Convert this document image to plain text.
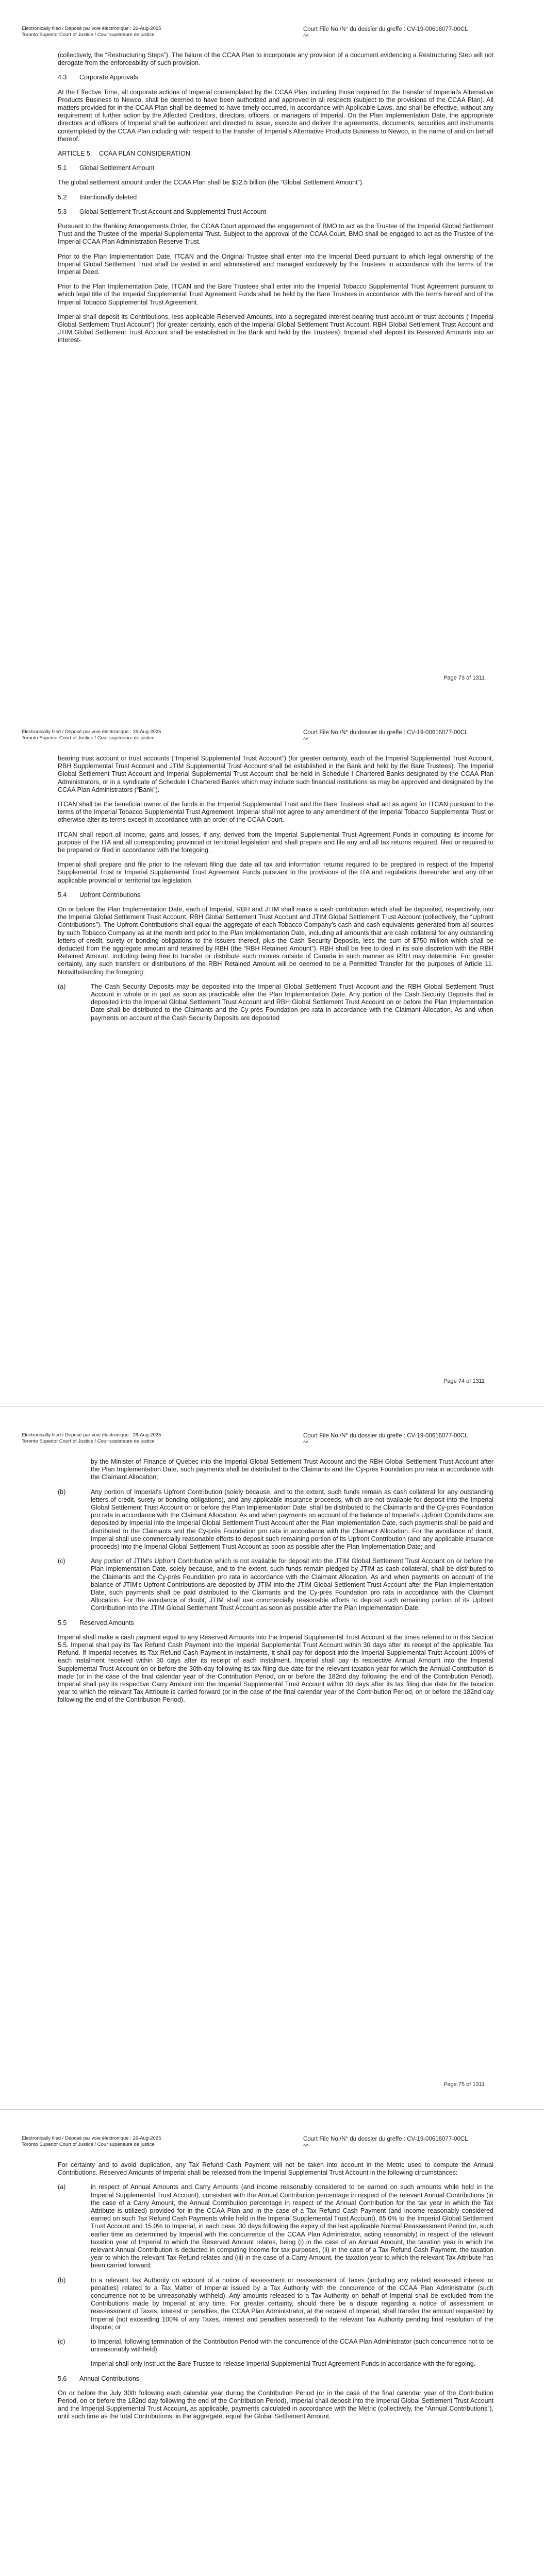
Electronically filed / Déposé par voie électronique : 26-Aug-2025
Toronto Superior Court of Justice / Cour supérieure de justice
Court File No./N° du dossier du greffe : CV-19-00616077-00CL
^^

(collectively, the “Restructuring Steps”). The failure of the CCAA Plan to incorporate any provision of a document evidencing a Restructuring Step will not derogate from the enforceability of such provision.

4.3 Corporate Approvals

At the Effective Time, all corporate actions of Imperial contemplated by the CCAA Plan, including those required for the transfer of Imperial’s Alternative Products Business to Newco, shall be deemed to have been authorized and approved in all respects (subject to the provisions of the CCAA Plan). All matters provided for in the CCAA Plan shall be deemed to have timely occurred, in accordance with Applicable Laws, and shall be effective, without any requirement of further action by the Affected Creditors, directors, officers, or managers of Imperial. On the Plan Implementation Date, the appropriate directors and officers of Imperial shall be authorized and directed to issue, execute and deliver the agreements, documents, securities and instruments contemplated by the CCAA Plan including with respect to the transfer of Imperial’s Alternative Products Business to Newco, in the name of and on behalf thereof.

ARTICLE 5. CCAA PLAN CONSIDERATION
5.1 Global Settlement Amount

The global settlement amount under the CCAA Plan shall be $32.5 billion (the “Global Settlement Amount”).

5.2 Intentionally deleted
5.3 Global Settlement Trust Account and Supplemental Trust Account

Pursuant to the Banking Arrangements Order, the CCAA Court approved the engagement of BMO to act as the Trustee of the Imperial Global Settlement Trust and the Trustee of the Imperial Supplemental Trust. Subject to the approval of the CCAA Court, BMO shall be engaged to act as the Trustee of the Imperial CCAA Plan Administration Reserve Trust.

Prior to the Plan Implementation Date, ITCAN and the Original Trustee shall enter into the Imperial Deed pursuant to which legal ownership of the Imperial Global Settlement Trust shall be vested in and administered and managed exclusively by the Trustees in accordance with the terms of the Imperial Deed.

Prior to the Plan Implementation Date, ITCAN and the Bare Trustees shall enter into the Imperial Tobacco Supplemental Trust Agreement pursuant to which legal title of the Imperial Supplemental Trust Agreement Funds shall be held by the Bare Trustees in accordance with the terms hereof and of the Imperial Tobacco Supplemental Trust Agreement.

Imperial shall deposit its Contributions, less applicable Reserved Amounts, into a segregated interest-bearing trust account or trust accounts (“Imperial Global Settlement Trust Account”) (for greater certainty, each of the Imperial Global Settlement Trust Account, RBH Global Settlement Trust Account and JTIM Global Settlement Trust Account shall be established in the Bank and held by the Trustees). Imperial shall deposit its Reserved Amounts into an interest-

Page 73 of 1311
Electronically filed / Déposé par voie électronique : 26-Aug-2025
Toronto Superior Court of Justice / Cour supérieure de justice
Court File No./N° du dossier du greffe : CV-19-00616077-00CL
^^

bearing trust account or trust accounts (“Imperial Supplemental Trust Account”) (for greater certainty, each of the Imperial Supplemental Trust Account, RBH Supplemental Trust Account and JTIM Supplemental Trust Account shall be established in the Bank and held by the Bare Trustees). The Imperial Global Settlement Trust Account and Imperial Supplemental Trust Account shall be held in Schedule I Chartered Banks designated by the CCAA Plan Administrators, or in a syndicate of Schedule I Chartered Banks which may include such financial institutions as may be approved and designated by the CCAA Plan Administrators (“Bank”).

ITCAN shall be the beneficial owner of the funds in the Imperial Supplemental Trust and the Bare Trustees shall act as agent for ITCAN pursuant to the terms of the Imperial Tobacco Supplemental Trust Agreement. Imperial shall not agree to any amendment of the Imperial Tobacco Supplemental Trust or otherwise alter its terms except in accordance with an order of the CCAA Court.

ITCAN shall report all income, gains and losses, if any, derived from the Imperial Supplemental Trust Agreement Funds in computing its income for purpose of the ITA and all corresponding provincial or territorial legislation and shall prepare and file any and all tax returns required, filed or required to be prepared or filed in accordance with the foregoing.

Imperial shall prepare and file prior to the relevant filing due date all tax and information returns required to be prepared in respect of the Imperial Supplemental Trust or Imperial Supplemental Trust Agreement Funds pursuant to the provisions of the ITA and regulations thereunder and any other applicable provincial or territorial tax legislation.

5.4 Upfront Contributions

On or before the Plan Implementation Date, each of Imperial, RBH and JTIM shall make a cash contribution which shall be deposited, respectively, into the Imperial Global Settlement Trust Account, RBH Global Settlement Trust Account and JTIM Global Settlement Trust Account (collectively, the “Upfront Contributions”). The Upfront Contributions shall equal the aggregate of each Tobacco Company’s cash and cash equivalents generated from all sources by such Tobacco Company as at the month end prior to the Plan Implementation Date, including all amounts that are cash collateral for any outstanding letters of credit, surety or bonding obligations to the issuers thereof, plus the Cash Security Deposits, less the sum of $750 million which shall be deducted from the aggregate amount and retained by RBH (the “RBH Retained Amount”). RBH shall be free to deal in its sole discretion with the RBH Retained Amount, including being free to transfer or distribute such monies outside of Canada in such manner as RBH may determine. For greater certainty, any such transfers or distributions of the RBH Retained Amount will be deemed to be a Permitted Transfer for the purposes of Article 11. Notwithstanding the foregoing:

(a)	The Cash Security Deposits may be deposited into the Imperial Global Settlement Trust Account and the RBH Global Settlement Trust Account in whole or in part as soon as practicable after the Plan Implementation Date. Any portion of the Cash Security Deposits that is deposited into the Imperial Global Settlement Trust Account and RBH Global Settlement Trust Account on or before the Plan Implementation Date shall be distributed to the Claimants and the Cy-près Foundation pro rata in accordance with the Claimant Allocation. As and when payments on account of the Cash Security Deposits are deposited
Page 74 of 1311
Electronically filed / Déposé par voie électronique : 26-Aug-2025
Toronto Superior Court of Justice / Cour supérieure de justice
Court File No./N° du dossier du greffe : CV-19-00616077-00CL
^^

by the Minister of Finance of Quebec into the Imperial Global Settlement Trust Account and the RBH Global Settlement Trust Account after the Plan Implementation Date, such payments shall be distributed to the Claimants and the Cy-près Foundation pro rata in accordance with the Claimant Allocation;

(b)	Any portion of Imperial’s Upfront Contribution (solely because, and to the extent, such funds remain as cash collateral for any outstanding letters of credit, surety or bonding obligations), and any applicable insurance proceeds, which are not available for deposit into the Imperial Global Settlement Trust Account on or before the Plan Implementation Date, shall be distributed to the Claimants and the Cy-près Foundation pro rata in accordance with the Claimant Allocation. As and when payments on account of the balance of Imperial’s Upfront Contributions are deposited by Imperial into the Imperial Global Settlement Trust Account after the Plan Implementation Date, such payments shall be paid and distributed to the Claimants and the Cy-près Foundation pro rata in accordance with the Claimant Allocation. For the avoidance of doubt, Imperial shall use commercially reasonable efforts to deposit such remaining portion of its Upfront Contribution (and any applicable insurance proceeds) into the Imperial Global Settlement Trust Account as soon as possible after the Plan Implementation Date; and
(c)	Any portion of JTIM’s Upfront Contribution which is not available for deposit into the JTIM Global Settlement Trust Account on or before the Plan Implementation Date, solely because, and to the extent, such funds remain pledged by JTIM as cash collateral, shall be distributed to the Claimants and the Cy-près Foundation pro rata in accordance with the Claimant Allocation. As and when payments on account of the balance of JTIM’s Upfront Contributions are deposited by JTIM into the JTIM Global Settlement Trust Account after the Plan Implementation Date, such payments shall be paid distributed to the Claimants and the Cy-près Foundation pro rata in accordance with the Claimant Allocation. For the avoidance of doubt, JTIM shall use commercially reasonable efforts to deposit such remaining portion of its Upfront Contribution into the JTIM Global Settlement Trust Account as soon as possible after the Plan Implementation Date.
5.5 Reserved Amounts

Imperial shall make a cash payment equal to any Reserved Amounts into the Imperial Supplemental Trust Account at the times referred to in this Section 5.5. Imperial shall pay its Tax Refund Cash Payment into the Imperial Supplemental Trust Account within 30 days after its receipt of the applicable Tax Refund. If Imperial receives its Tax Refund Cash Payment in instalments, it shall pay for deposit into the Imperial Supplemental Trust Account 100% of each instalment received within 30 days after its receipt of each instalment. Imperial shall pay its respective Annual Amount into the Imperial Supplemental Trust Account on or before the 30th day following its tax filing due date for the relevant taxation year for which the Annual Contribution is made (or in the case of the final calendar year of the Contribution Period, on or before the 182nd day following the end of the Contribution Period). Imperial shall pay its respective Carry Amount into the Imperial Supplemental Trust Account within 30 days after its tax filing due date for the taxation year to which the relevant Tax Attribute is carried forward (or in the case of the final calendar year of the Contribution Period, on or before the 182nd day following the end of the Contribution Period).

Page 75 of 1311
Electronically filed / Déposé par voie électronique : 26-Aug-2025
Toronto Superior Court of Justice / Cour supérieure de justice
Court File No./N° du dossier du greffe : CV-19-00616077-00CL
^^

For certainty and to avoid duplication, any Tax Refund Cash Payment will not be taken into account in the Metric used to compute the Annual Contributions. Reserved Amounts of Imperial shall be released from the Imperial Supplemental Trust Account in the following circumstances:

(a)	in respect of Annual Amounts and Carry Amounts (and income reasonably considered to be earned on such amounts while held in the Imperial Supplemental Trust Account), consistent with the Annual Contribution percentage in respect of the relevant Annual Contributions (in the case of a Carry Amount, the Annual Contribution percentage in respect of the Annual Contribution for the tax year in which the Tax Attribute is utilized) provided for in the CCAA Plan and in the case of a Tax Refund Cash Payment (and income reasonably considered earned on such Tax Refund Cash Payments while held in the Imperial Supplemental Trust Account), 85.0% to the Imperial Global Settlement Trust Account and 15.0% to Imperial, in each case, 30 days following the expiry of the last applicable Normal Reassessment Period (or, such earlier time as determined by Imperial with the concurrence of the CCAA Plan Administrator, acting reasonably) in respect of the relevant taxation year of Imperial to which the Reserved Amount relates, being (i) in the case of an Annual Amount, the taxation year in which the relevant Annual Contribution is deducted in computing income for tax purposes, (ii) in the case of a Tax Refund Cash Payment, the taxation year to which the relevant Tax Refund relates and (iii) in the case of a Carry Amount, the taxation year to which the relevant Tax Attribute has been carried forward;
(b)	to a relevant Tax Authority on account of a notice of assessment or reassessment of Taxes (including any related assessed interest or penalties) related to a Tax Matter of Imperial issued by a Tax Authority with the concurrence of the CCAA Plan Administrator (such concurrence not to be unreasonably withheld). Any amounts released to a Tax Authority on behalf of Imperial shall be excluded from the Contributions made by Imperial at any time. For greater certainty, should there be a dispute regarding a notice of assessment or reassessment of Taxes, interest or penalties, the CCAA Plan Administrator, at the request of Imperial, shall transfer the amount requested by Imperial (not exceeding 100% of any Taxes, interest and penalties assessed) to the relevant Tax Authority pending final resolution of the dispute; or
(c)	to Imperial, following termination of the Contribution Period with the concurrence of the CCAA Plan Administrator (such concurrence not to be unreasonably withheld).

Imperial shall only instruct the Bare Trustee to release Imperial Supplemental Trust Agreement Funds in accordance with the foregoing.

5.6 Annual Contributions

On or before the July 30th following each calendar year during the Contribution Period (or in the case of the final calendar year of the Contribution Period, on or before the 182nd day following the end of the Contribution Period), Imperial shall deposit into the Imperial Global Settlement Trust Account and the Imperial Supplemental Trust Account, as applicable, payments calculated in accordance with the Metric (collectively, the “Annual Contributions”), until such time as the total Contributions, in the aggregate, equal the Global Settlement Amount.
